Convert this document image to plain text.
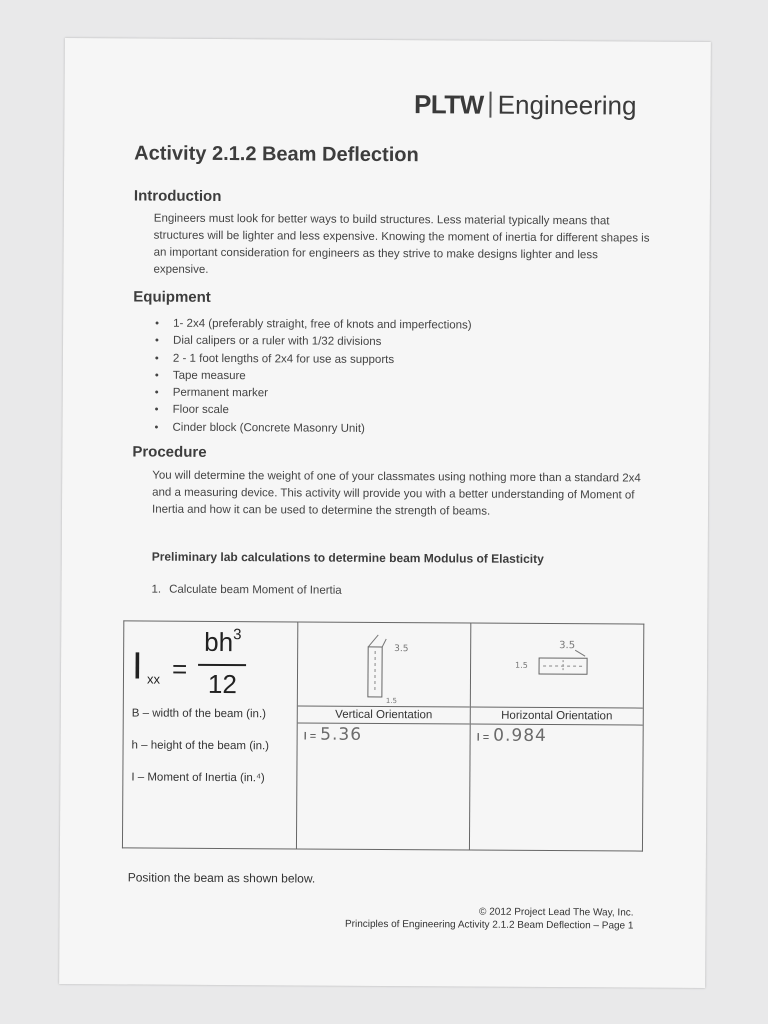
PLTW Engineering
Activity 2.1.2 Beam Deflection
Introduction

Engineers must look for better ways to build structures. Less material typically means that structures will be lighter and less expensive. Knowing the moment of inertia for different shapes is an important consideration for engineers as they strive to make designs lighter and less expensive.

Equipment
• 1- 2x4 (preferably straight, free of knots and imperfections)
• Dial calipers or a ruler with 1/32 divisions
• 2 - 1 foot lengths of 2x4 for use as supports
• Tape measure
• Permanent marker
• Floor scale
• Cinder block (Concrete Masonry Unit)
Procedure

You will determine the weight of one of your classmates using nothing more than a standard 2x4 and a measuring device. This activity will provide you with a better understanding of Moment of Inertia and how it can be used to determine the strength of beams.

Preliminary lab calculations to determine beam Modulus of Elasticity

1. Calculate beam Moment of Inertia

I xx =
$bh^3$
12
B – width of the beam (in.)
h – height of the beam (in.)
I – Moment of Inertia (in.⁴)

3.5
1.5
Vertical Orientation
I = 5.36

3.5
1.5
Horizontal Orientation
I = 0.984

Position the beam as shown below.

© 2012 Project Lead The Way, Inc.
Principles of Engineering Activity 2.1.2 Beam Deflection – Page 1
